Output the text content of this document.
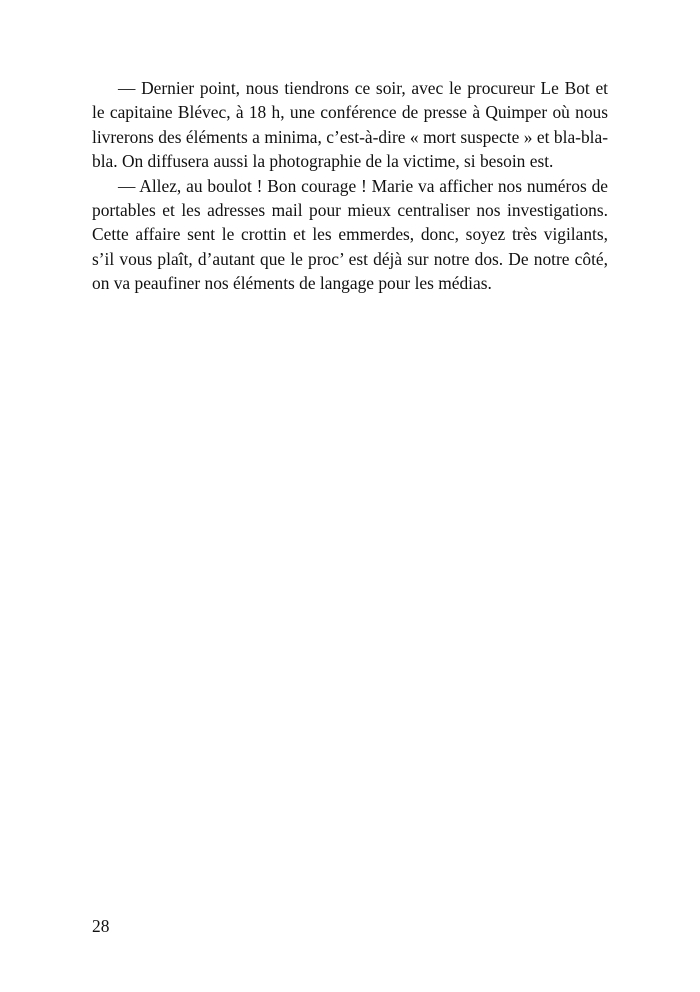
— Dernier point, nous tiendrons ce soir, avec le procureur Le Bot et le capitaine Blévec, à 18 h, une conférence de presse à Quimper où nous livrerons des éléments a minima, c’est-à-dire « mort suspecte » et bla-bla-bla. On diffusera aussi la photographie de la victime, si besoin est.

— Allez, au boulot ! Bon courage ! Marie va afficher nos numéros de portables et les adresses mail pour mieux centraliser nos investigations. Cette affaire sent le crottin et les emmerdes, donc, soyez très vigilants, s’il vous plaît, d’autant que le proc’ est déjà sur notre dos. De notre côté, on va peaufiner nos éléments de langage pour les médias.

28
